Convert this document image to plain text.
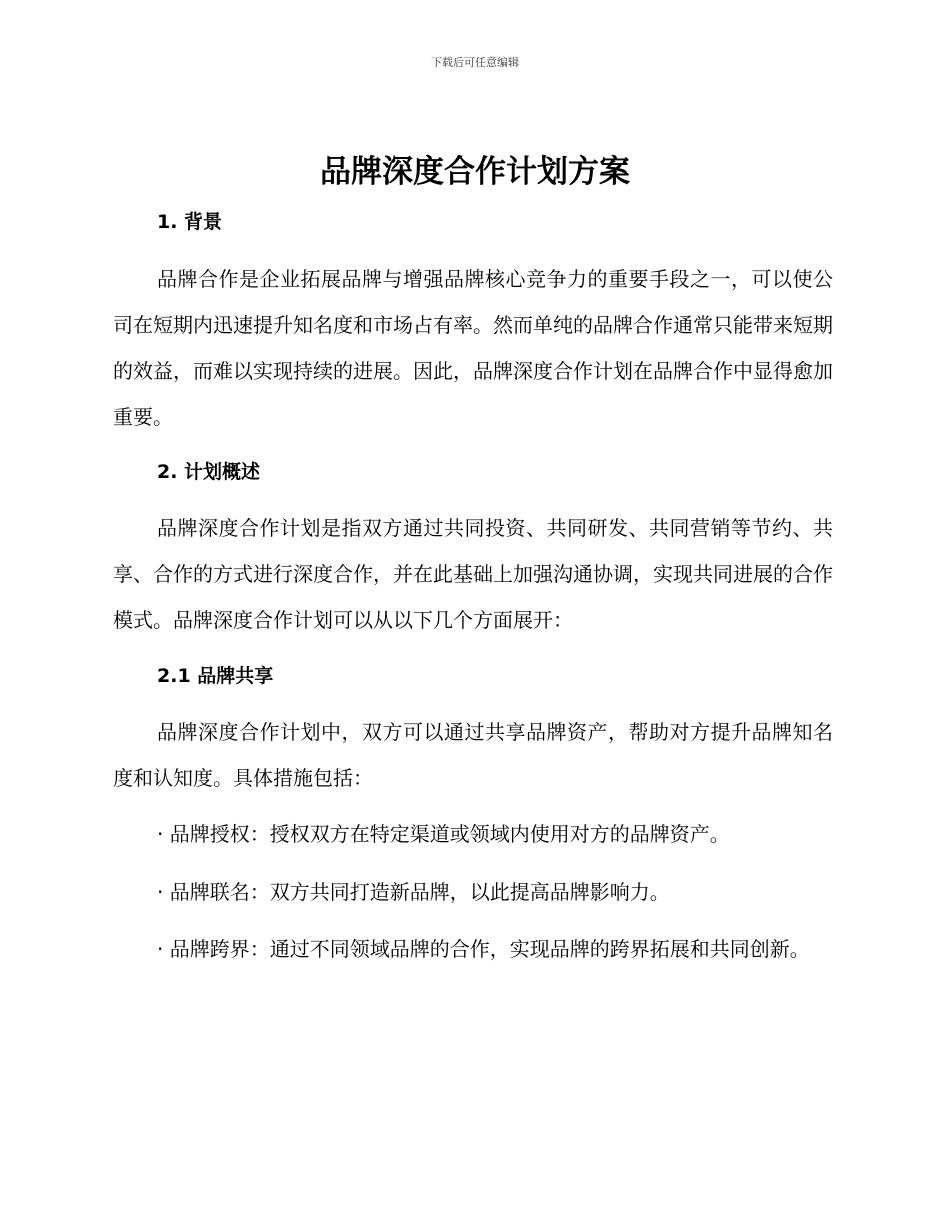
下载后可任意编辑
品牌深度合作计划方案
1. 背景

品牌合作是企业拓展品牌与增强品牌核心竞争力的重要手段之一，可以使公司在短期内迅速提升知名度和市场占有率。然而单纯的品牌合作通常只能带来短期的效益，而难以实现持续的进展。因此，品牌深度合作计划在品牌合作中显得愈加重要。

2. 计划概述

品牌深度合作计划是指双方通过共同投资、共同研发、共同营销等节约、共享、合作的方式进行深度合作，并在此基础上加强沟通协调，实现共同进展的合作模式。品牌深度合作计划可以从以下几个方面展开：

2.1 品牌共享

品牌深度合作计划中，双方可以通过共享品牌资产，帮助对方提升品牌知名度和认知度。具体措施包括：

· 品牌授权：授权双方在特定渠道或领域内使用对方的品牌资产。

· 品牌联名：双方共同打造新品牌，以此提高品牌影响力。

· 品牌跨界：通过不同领域品牌的合作，实现品牌的跨界拓展和共同创新。
